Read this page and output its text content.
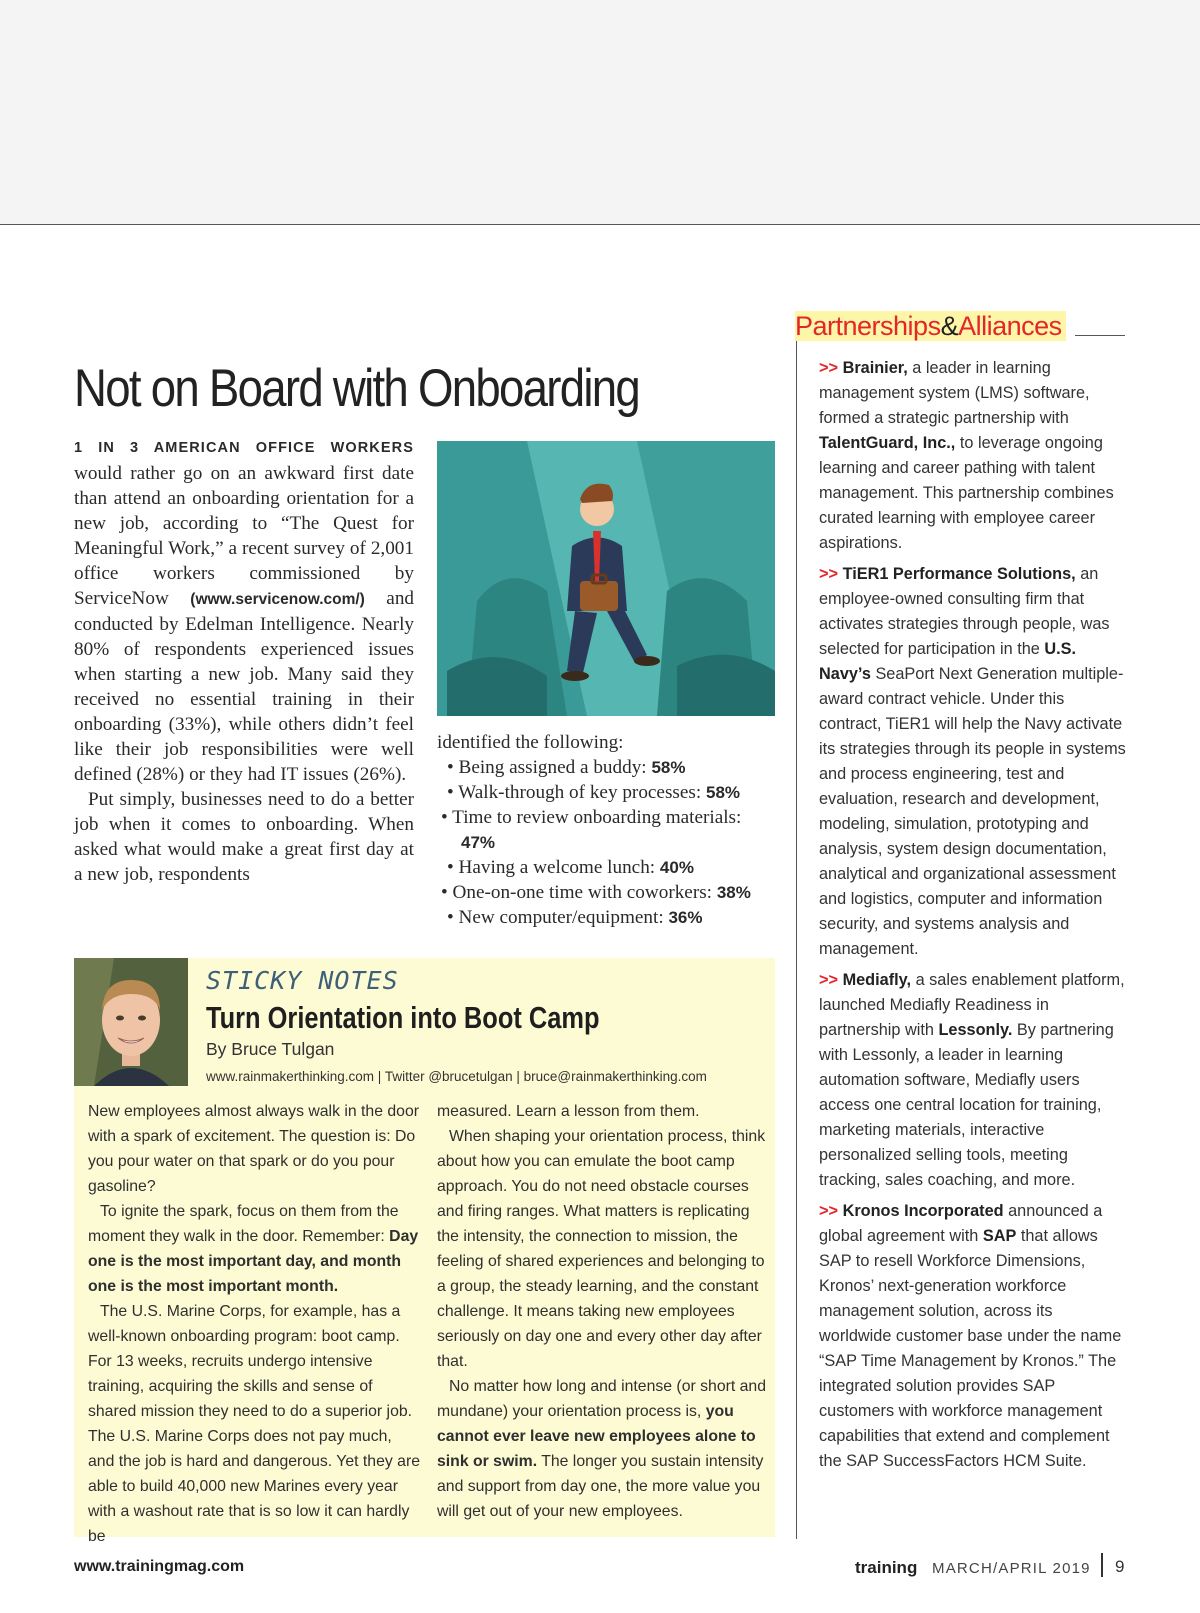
Not on Board with Onboarding

1 IN 3 AMERICAN OFFICE WORKERS would rather go on an awkward first date than attend an onboarding orientation for a new job, according to “The Quest for Meaningful Work,” a recent survey of 2,001 office workers commissioned by ServiceNow (www.servicenow.com/) and conducted by Edelman Intelligence. Nearly 80% of respondents experienced issues when starting a new job. Many said they received no essential training in their onboarding (33%), while others didn’t feel like their job responsibilities were well defined (28%) or they had IT issues (26%).

Put simply, businesses need to do a better job when it comes to onboarding. When asked what would make a great first day at a new job, respondents

identified the following:

• Being assigned a buddy: 58%
• Walk-through of key processes: 58%
• Time to review onboarding materials:
47%
• Having a welcome lunch: 40%
• One-on-one time with coworkers: 38%
• New computer/equipment: 36%
STICKY NOTES
Turn Orientation into Boot Camp
By Bruce Tulgan
www.rainmakerthinking.com | Twitter @brucetulgan | bruce@rainmakerthinking.com

New employees almost always walk in the door with a spark of excitement. The question is: Do you pour water on that spark or do you pour gasoline?

To ignite the spark, focus on them from the moment they walk in the door. Remember: Day one is the most important day, and month one is the most important month.

The U.S. Marine Corps, for example, has a well-known onboarding program: boot camp. For 13 weeks, recruits undergo intensive training, acquiring the skills and sense of shared mission they need to do a superior job. The U.S. Marine Corps does not pay much, and the job is hard and dangerous. Yet they are able to build 40,000 new Marines every year with a washout rate that is so low it can hardly be

measured. Learn a lesson from them.

When shaping your orientation process, think about how you can emulate the boot camp approach. You do not need obstacle courses and firing ranges. What matters is replicating the intensity, the connection to mission, the feeling of shared experiences and belonging to a group, the steady learning, and the constant challenge. It means taking new employees seriously on day one and every other day after that.

No matter how long and intense (or short and mundane) your orientation process is, you cannot ever leave new employees alone to sink or swim. The longer you sustain intensity and support from day one, the more value you will get out of your new employees.

Partnerships&Alliances

>> Brainier, a leader in learning management system (LMS) software, formed a strategic partnership with TalentGuard, Inc., to leverage ongoing learning and career pathing with talent management. This partnership combines curated learning with employee career aspirations.

>> TiER1 Performance Solutions, an employee-owned consulting firm that activates strategies through people, was selected for participation in the U.S. Navy’s SeaPort Next Generation multiple-award contract vehicle. Under this contract, TiER1 will help the Navy activate its strategies through its people in systems and process engineering, test and evaluation, research and development, modeling, simulation, prototyping and analysis, system design documentation, analytical and organizational assessment and logistics, computer and information security, and systems analysis and management.

>> Mediafly, a sales enablement platform, launched Mediafly Readiness in partnership with Lessonly. By partnering with Lessonly, a leader in learning automation software, Mediafly users access one central location for training, marketing materials, interactive personalized selling tools, meeting tracking, sales coaching, and more.

>> Kronos Incorporated announced a global agreement with SAP that allows SAP to resell Workforce Dimensions, Kronos’ next-generation workforce management solution, across its worldwide customer base under the name “SAP Time Management by Kronos.” The integrated solution provides SAP customers with workforce management capabilities that extend and complement the SAP SuccessFactors HCM Suite.

www.trainingmag.com	training MARCH/APRIL 2019 9
